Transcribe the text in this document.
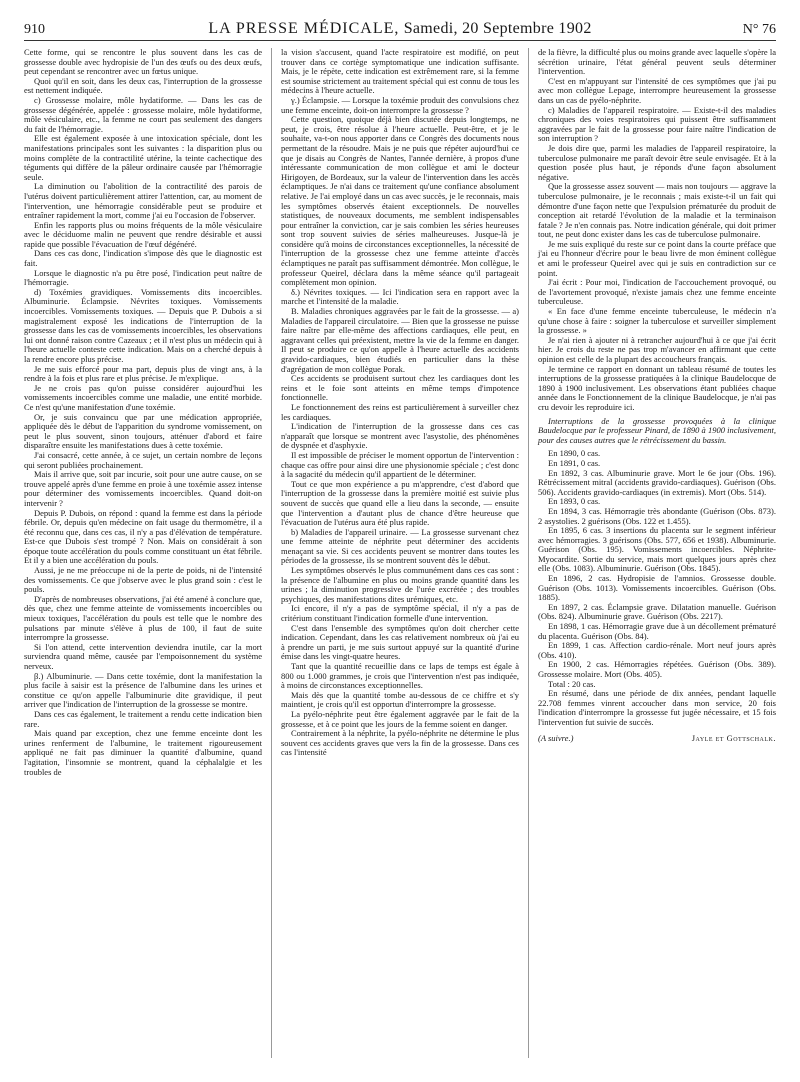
910	LA PRESSE MÉDICALE, Samedi, 20 Septembre 1902	N° 76

Cette forme, qui se rencontre le plus souvent dans les cas de grossesse double avec hydropisie de l'un des œufs ou des deux œufs, peut cependant se rencontrer avec un fœtus unique.

Quoi qu'il en soit, dans les deux cas, l'interruption de la grossesse est nettement indiquée.

c) Grossesse molaire, môle hydatiforme. — Dans les cas de grossesse dégénérée, appelée : grossesse molaire, môle hydatiforme, môle vésiculaire, etc., la femme ne court pas seulement des dangers du fait de l'hémorragie.

Elle est également exposée à une intoxication spéciale, dont les manifestations principales sont les suivantes : la disparition plus ou moins complète de la contractilité utérine, la teinte cachectique des téguments qui diffère de la pâleur ordinaire causée par l'hémorragie seule.

La diminution ou l'abolition de la contractilité des parois de l'utérus doivent particulièrement attirer l'attention, car, au moment de l'intervention, une hémorragie considérable peut se produire et entraîner rapidement la mort, comme j'ai eu l'occasion de l'observer.

Enfin les rapports plus ou moins fréquents de la môle vésiculaire avec le déciduome malin ne peuvent que rendre désirable et aussi rapide que possible l'évacuation de l'œuf dégénéré.

Dans ces cas donc, l'indication s'impose dès que le diagnostic est fait.

Lorsque le diagnostic n'a pu être posé, l'indication peut naître de l'hémorragie.

d) Toxémies gravidiques. Vomissements dits incoercibles. Albuminurie. Éclampsie. Névrites toxiques. Vomissements incoercibles. Vomissements toxiques. — Depuis que P. Dubois a si magistralement exposé les indications de l'interruption de la grossesse dans les cas de vomissements incoercibles, les observations lui ont donné raison contre Cazeaux ; et il n'est plus un médecin qui à l'heure actuelle conteste cette indication. Mais on a cherché depuis à la rendre encore plus précise.

Je me suis efforcé pour ma part, depuis plus de vingt ans, à la rendre à la fois et plus rare et plus précise. Je m'explique.

Je ne crois pas qu'on puisse considérer aujourd'hui les vomissements incoercibles comme une maladie, une entité morbide. Ce n'est qu'une manifestation d'une toxémie.

Or, je suis convaincu que par une médication appropriée, appliquée dès le début de l'apparition du syndrome vomissement, on peut le plus souvent, sinon toujours, atténuer d'abord et faire disparaître ensuite les manifestations dues à cette toxémie.

J'ai consacré, cette année, à ce sujet, un certain nombre de leçons qui seront publiées prochainement.

Mais il arrive que, soit par incurie, soit pour une autre cause, on se trouve appelé après d'une femme en proie à une toxémie assez intense pour déterminer des vomissements incoercibles. Quand doit-on intervenir ?

Depuis P. Dubois, on répond : quand la femme est dans la période fébrile. Or, depuis qu'en médecine on fait usage du thermomètre, il a été reconnu que, dans ces cas, il n'y a pas d'élévation de température. Est-ce que Dubois s'est trompé ? Non. Mais on considérait à son époque toute accélération du pouls comme constituant un état fébrile. Et il y a bien une accélération du pouls.

Aussi, je ne me préoccupe ni de la perte de poids, ni de l'intensité des vomissements. Ce que j'observe avec le plus grand soin : c'est le pouls.

D'après de nombreuses observations, j'ai été amené à conclure que, dès que, chez une femme atteinte de vomissements incoercibles ou mieux toxiques, l'accélération du pouls est telle que le nombre des pulsations par minute s'élève à plus de 100, il faut de suite interrompre la grossesse.

Si l'on attend, cette intervention deviendra inutile, car la mort surviendra quand même, causée par l'empoisonnement du système nerveux.

β.) Albuminurie. — Dans cette toxémie, dont la manifestation la plus facile à saisir est la présence de l'albumine dans les urines et constitue ce qu'on appelle l'albuminurie dite gravidique, il peut arriver que l'indication de l'interruption de la grossesse se montre.

Dans ces cas également, le traitement a rendu cette indication bien rare.

Mais quand par exception, chez une femme enceinte dont les urines renferment de l'albumine, le traitement rigoureusement appliqué ne fait pas diminuer la quantité d'albumine, quand l'agitation, l'insomnie se montrent, quand la céphalalgie et les troubles de

la vision s'accusent, quand l'acte respiratoire est modifié, on peut trouver dans ce cortège symptomatique une indication suffisante. Mais, je le répète, cette indication est extrêmement rare, si la femme est soumise strictement au traitement spécial qui est connu de tous les médecins à l'heure actuelle.

γ.) Éclampsie. — Lorsque la toxémie produit des convulsions chez une femme enceinte, doit-on interrompre la grossesse ?

Cette question, quoique déjà bien discutée depuis longtemps, ne peut, je crois, être résolue à l'heure actuelle. Peut-être, et je le souhaite, va-t-on nous apporter dans ce Congrès des documents nous permettant de la résoudre. Mais je ne puis que répéter aujourd'hui ce que je disais au Congrès de Nantes, l'année dernière, à propos d'une intéressante communication de mon collègue et ami le docteur Hirigoyen, de Bordeaux, sur la valeur de l'intervention dans les accès éclamptiques. Je n'ai dans ce traitement qu'une confiance absolument relative. Je l'ai employé dans un cas avec succès, je le reconnais, mais les symptômes observés étaient exceptionnels. De nouvelles statistiques, de nouveaux documents, me semblent indispensables pour entraîner la conviction, car je sais combien les séries heureuses sont trop souvent suivies de séries malheureuses. Jusque-là je considère qu'à moins de circonstances exceptionnelles, la nécessité de l'interruption de la grossesse chez une femme atteinte d'accès éclamptiques ne paraît pas suffisamment démontrée. Mon collègue, le professeur Queirel, déclara dans la même séance qu'il partageait complètement mon opinion.

δ.) Névrites toxiques. — Ici l'indication sera en rapport avec la marche et l'intensité de la maladie.

B. Maladies chroniques aggravées par le fait de la grossesse. — a) Maladies de l'appareil circulatoire. — Bien que la grossesse ne puisse faire naître par elle-même des affections cardiaques, elle peut, en aggravant celles qui préexistent, mettre la vie de la femme en danger. Il peut se produire ce qu'on appelle à l'heure actuelle des accidents gravido-cardiaques, bien étudiés en particulier dans la thèse d'agrégation de mon collègue Porak.

Ces accidents se produisent surtout chez les cardiaques dont les reins et le foie sont atteints en même temps d'impotence fonctionnelle.

Le fonctionnement des reins est particulièrement à surveiller chez les cardiaques.

L'indication de l'interruption de la grossesse dans ces cas n'apparaît que lorsque se montrent avec l'asystolie, des phénomènes de dyspnée et d'asphyxie.

Il est impossible de préciser le moment opportun de l'intervention : chaque cas offre pour ainsi dire une physionomie spéciale ; c'est donc à la sagacité du médecin qu'il appartient de le déterminer.

Tout ce que mon expérience a pu m'apprendre, c'est d'abord que l'interruption de la grossesse dans la première moitié est suivie plus souvent de succès que quand elle a lieu dans la seconde, — ensuite que l'intervention a d'autant plus de chance d'être heureuse que l'évacuation de l'utérus aura été plus rapide.

b) Maladies de l'appareil urinaire. — La grossesse survenant chez une femme atteinte de néphrite peut déterminer des accidents menaçant sa vie. Si ces accidents peuvent se montrer dans toutes les périodes de la grossesse, ils se montrent souvent dès le début.

Les symptômes observés le plus communément dans ces cas sont : la présence de l'albumine en plus ou moins grande quantité dans les urines ; la diminution progressive de l'urée excrétée ; des troubles psychiques, des manifestations dites urémiques, etc.

Ici encore, il n'y a pas de symptôme spécial, il n'y a pas de critérium constituant l'indication formelle d'une intervention.

C'est dans l'ensemble des symptômes qu'on doit chercher cette indication. Cependant, dans les cas relativement nombreux où j'ai eu à prendre un parti, je me suis surtout appuyé sur la quantité d'urine émise dans les vingt-quatre heures.

Tant que la quantité recueillie dans ce laps de temps est égale à 800 ou 1.000 grammes, je crois que l'intervention n'est pas indiquée, à moins de circonstances exceptionnelles.

Mais dès que la quantité tombe au-dessous de ce chiffre et s'y maintient, je crois qu'il est opportun d'interrompre la grossesse.

La pyélo-néphrite peut être également aggravée par le fait de la grossesse, et à ce point que les jours de la femme soient en danger.

Contrairement à la néphrite, la pyélo-néphrite ne détermine le plus souvent ces accidents graves que vers la fin de la grossesse. Dans ces cas l'intensité

de la fièvre, la difficulté plus ou moins grande avec laquelle s'opère la sécrétion urinaire, l'état général peuvent seuls déterminer l'intervention.

C'est en m'appuyant sur l'intensité de ces symptômes que j'ai pu avec mon collègue Lepage, interrompre heureusement la grossesse dans un cas de pyélo-néphrite.

c) Maladies de l'appareil respiratoire. — Existe-t-il des maladies chroniques des voies respiratoires qui puissent être suffisamment aggravées par le fait de la grossesse pour faire naître l'indication de son interruption ?

Je dois dire que, parmi les maladies de l'appareil respiratoire, la tuberculose pulmonaire me paraît devoir être seule envisagée. Et à la question posée plus haut, je réponds d'une façon absolument négative.

Que la grossesse assez souvent — mais non toujours — aggrave la tuberculose pulmonaire, je le reconnais ; mais existe-t-il un fait qui démontre d'une façon nette que l'expulsion prématurée du produit de conception ait retardé l'évolution de la maladie et la terminaison fatale ? Je n'en connais pas. Notre indication générale, qui doit primer tout, ne peut donc exister dans les cas de tuberculose pulmonaire.

Je me suis expliqué du reste sur ce point dans la courte préface que j'ai eu l'honneur d'écrire pour le beau livre de mon éminent collègue et ami le professeur Queirel avec qui je suis en contradiction sur ce point.

J'ai écrit : Pour moi, l'indication de l'accouchement provoqué, ou de l'avortement provoqué, n'existe jamais chez une femme enceinte tuberculeuse.

« En face d'une femme enceinte tuberculeuse, le médecin n'a qu'une chose à faire : soigner la tuberculose et surveiller simplement la grossesse. »

Je n'ai rien à ajouter ni à retrancher aujourd'hui à ce que j'ai écrit hier. Je crois du reste ne pas trop m'avancer en affirmant que cette opinion est celle de la plupart des accoucheurs français.

Je termine ce rapport en donnant un tableau résumé de toutes les interruptions de la grossesse pratiquées à la clinique Baudelocque de 1890 à 1900 inclusivement. Les observations étant publiées chaque année dans le Fonctionnement de la clinique Baudelocque, je n'ai pas cru devoir les reproduire ici.

Interruptions de la grossesse provoquées à la clinique Baudelocque par le professeur Pinard, de 1890 à 1900 inclusivement, pour des causes autres que le rétrécissement du bassin.

En 1890, 0 cas.

En 1891, 0 cas.

En 1892, 3 cas. Albuminurie grave. Mort le 6e jour (Obs. 196). Rétrécissement mitral (accidents gravido-cardiaques). Guérison (Obs. 506). Accidents gravido-cardiaques (in extremis). Mort (Obs. 514).

En 1893, 0 cas.

En 1894, 3 cas. Hémorragie très abondante (Guérison (Obs. 873). 2 asystolies. 2 guérisons (Obs. 122 et 1.455).

En 1895, 6 cas. 3 insertions du placenta sur le segment inférieur avec hémorragies. 3 guérisons (Obs. 577, 656 et 1938). Albuminurie. Guérison (Obs. 195). Vomissements incoercibles. Néphrite-Myocardite. Sortie du service, mais mort quelques jours après chez elle (Obs. 1083). Albuminurie. Guérison (Obs. 1845).

En 1896, 2 cas. Hydropisie de l'amnios. Grossesse double. Guérison (Obs. 1013). Vomissements incoercibles. Guérison (Obs. 1885).

En 1897, 2 cas. Éclampsie grave. Dilatation manuelle. Guérison (Obs. 824). Albuminurie grave. Guérison (Obs. 2217).

En 1898, 1 cas. Hémorragie grave due à un décollement prématuré du placenta. Guérison (Obs. 84).

En 1899, 1 cas. Affection cardio-rénale. Mort neuf jours après (Obs. 410).

En 1900, 2 cas. Hémorragies répétées. Guérison (Obs. 389). Grossesse molaire. Mort (Obs. 405).

Total : 20 cas.

En résumé, dans une période de dix années, pendant laquelle 22.708 femmes vinrent accoucher dans mon service, 20 fois l'indication d'interrompre la grossesse fut jugée nécessaire, et 15 fois l'intervention fut suivie de succès.

(A suivre.)	Jayle et Gottschalk.
